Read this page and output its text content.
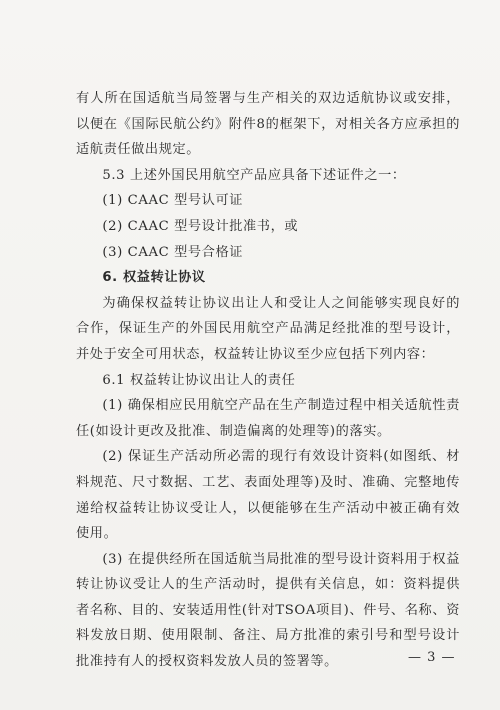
有人所在国适航当局签署与生产相关的双边适航协议或安排，以便在《国际民航公约》附件8的框架下，对相关各方应承担的适航责任做出规定。

5.3 上述外国民用航空产品应具备下述证件之一：

(1) CAAC 型号认可证

(2) CAAC 型号设计批准书，或

(3) CAAC 型号合格证

6. 权益转让协议

为确保权益转让协议出让人和受让人之间能够实现良好的合作，保证生产的外国民用航空产品满足经批准的型号设计，并处于安全可用状态，权益转让协议至少应包括下列内容：

6.1 权益转让协议出让人的责任

(1) 确保相应民用航空产品在生产制造过程中相关适航性责任(如设计更改及批准、制造偏离的处理等)的落实。

(2) 保证生产活动所必需的现行有效设计资料(如图纸、材料规范、尺寸数据、工艺、表面处理等)及时、准确、完整地传递给权益转让协议受让人，以便能够在生产活动中被正确有效使用。

(3) 在提供经所在国适航当局批准的型号设计资料用于权益转让协议受让人的生产活动时，提供有关信息，如：资料提供者名称、目的、安装适用性(针对TSOA项目)、件号、名称、资料发放日期、使用限制、备注、局方批准的索引号和型号设计批准持有人的授权资料发放人员的签署等。	— 3 —
